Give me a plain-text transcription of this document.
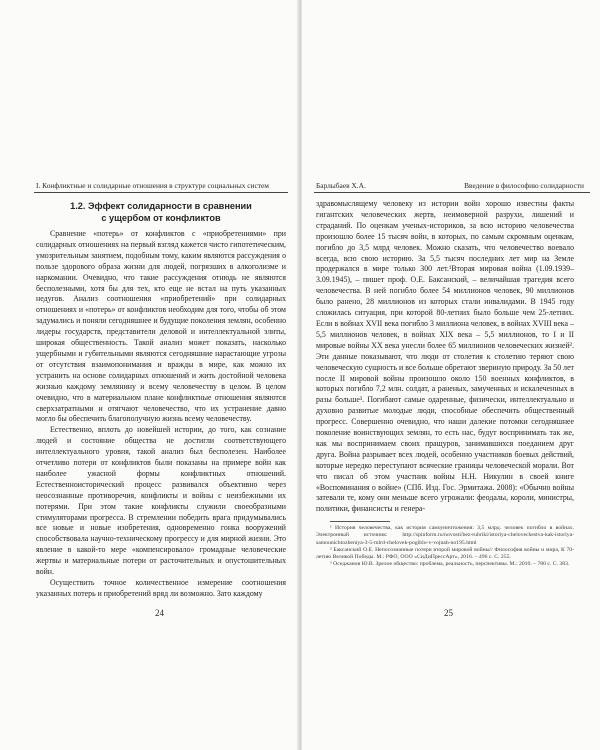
I. Конфликтные и солидарные отношения в структуре социальных систем
1.2. Эффект солидарности в сравнении
с ущербом от конфликтов

Сравнение «потерь» от конфликтов с «приобретениями» при солидарных отношениях на первый взгляд кажется чисто гипотетическим, умозрительным занятием, подобным тому, каким являются рассуждения о пользе здорового образа жизни для людей, погрязших в алкоголизме и наркомании. Очевидно, что такие рассуждения отнюдь не являются бесполезными, хотя бы для тех, кто еще не встал на путь указанных недугов. Анализ соотношения «приобретений» при солидарных отношениях и «потерь» от конфликтов необходим для того, чтобы об этом задумались и поняли сегодняшнее и будущие поколения землян, особенно лидеры государств, представители деловой и интеллектуальной элиты, широкая общественность. Такой анализ может показать, насколько ущербными и губительными являются сегодняшние нарастающие угрозы от отсутствия взаимопонимания и вражды в мире, как можно их устранить на основе солидарных отношений и жить достойной человека жизнью каждому землянину и всему человечеству в целом. В целом очевидно, что в материальном плане конфликтные отношения являются сверхзатратными и отягчают человечество, что их устранение давно могло бы обеспечить благополучную жизнь всему человечеству.

Естественно, вплоть до новейшей истории, до того, как сознание людей и состояние общества не достигли соответствующего интеллектуального уровня, такой анализ был бесполезен. Наиболее отчетливо потери от конфликтов были показаны на примере войн как наиболее ужасной формы конфликтных отношений. Естественноисторический процесс развивался объективно через неосознанные противоречия, конфликты и войны с неизбежными их потерями. При этом такие конфликты служили своеобразными стимуляторами прогресса. В стремлении победить врага придумывались все новые и новые изобретения, одновременно гонка вооружений способствовала научно-техническому прогрессу и для мирной жизни. Это явление в какой-то мере «компенсировало» громадные человеческие жертвы и материальные потери от расточительных и опустошительных войн.

Осуществить точное количественное измерение соотношения указанных потерь и приобретений вряд ли возможно. Зато каждому

24
Барлыбаев Х.А.	Введение в философию солидарности

здравомыслящему человеку из истории войн хорошо известны факты гигантских человеческих жертв, неимоверной разрухи, лишений и страданий. По оценкам ученых-историков, за всю историю человечества произошло более 15 тысяч войн, в которых, по самым скромным оценкам, погибло до 3,5 млрд человек. Можно сказать, что человечество воевало всегда, всю свою историю. За 5,5 тысяч последних лет мир на Земле продержался в мире только 300 лет.¹Вторая мировая война (1.09.1939–3.09.1945), – пишет проф. О.Е. Баксанский, – величайшая трагедия всего человечества. В ней погибло более 54 миллионов человек, 90 миллионов было ранено, 28 миллионов из которых стали инвалидами. В 1945 году сложилась ситуация, при которой 80-летних было больше чем 25-летних. Если в войнах XVII века погибло 3 миллиона человек, в войнах XVIII века – 5,5 миллионов человек, в войнах XIX века – 5,5 миллионов, то I и II мировые войны XX века унесли более 65 миллионов человеческих жизней². Эти данные показывают, что люди от столетия к столетию теряют свою человеческую сущность и все больше обретают звериную природу. За 50 лет после II мировой войны произошло около 150 военных конфликтов, в которых погибло 7,2 млн. солдат, а раненых, замученных и искалеченных в разы больше³. Погибают самые одаренные, физически, интеллектуально и духовно развитые молодые люди, способные обеспечить общественный прогресс. Совершенно очевидно, что наши далекие потомки сегодняшнее поколение воинствующих землян, то есть нас, будут воспринимать так же, как мы воспринимаем своих пращуров, занимавшихся поеданием друг друга. Война разрывает всех людей, особенно участников боевых действий, которые нередко переступают всячеcкие границы человеческой морали. Вот что писал об этом участник войны Н.Н. Никулин в своей книге «Воспоминания о войне» (СПб. Изд. Гос. Эрмитажа. 2008): «Обычно войны затевали те, кому они меньше всего угрожали: феодалы, короли, министры, политики, финансисты и генера-

¹ История человечества, как история самоуничтожения: 3,5 млрд. человек погибло в войнах. Электронный источник: http://spinform.ru/novosti/bez-rubriki/istoriya-chelovechestva-kak-istoriya-samounichtozheniya-3-5-mlrd-chelovek-pogiblo-v-vojnah-no195.html

² Баксанский О.Е. Непосознанные потери второй мировой войны// Философия войны и мира, К 70-летию Великой Победы. М.: РФО, ООО «СиДиПрессАрт», 2016. – 496 с. С. 255.

³ Оседжанов Ю.В. Зрелое общество: проблема, реальность, перспективы. М.: 2010. – 780 с. С. 383.

25
